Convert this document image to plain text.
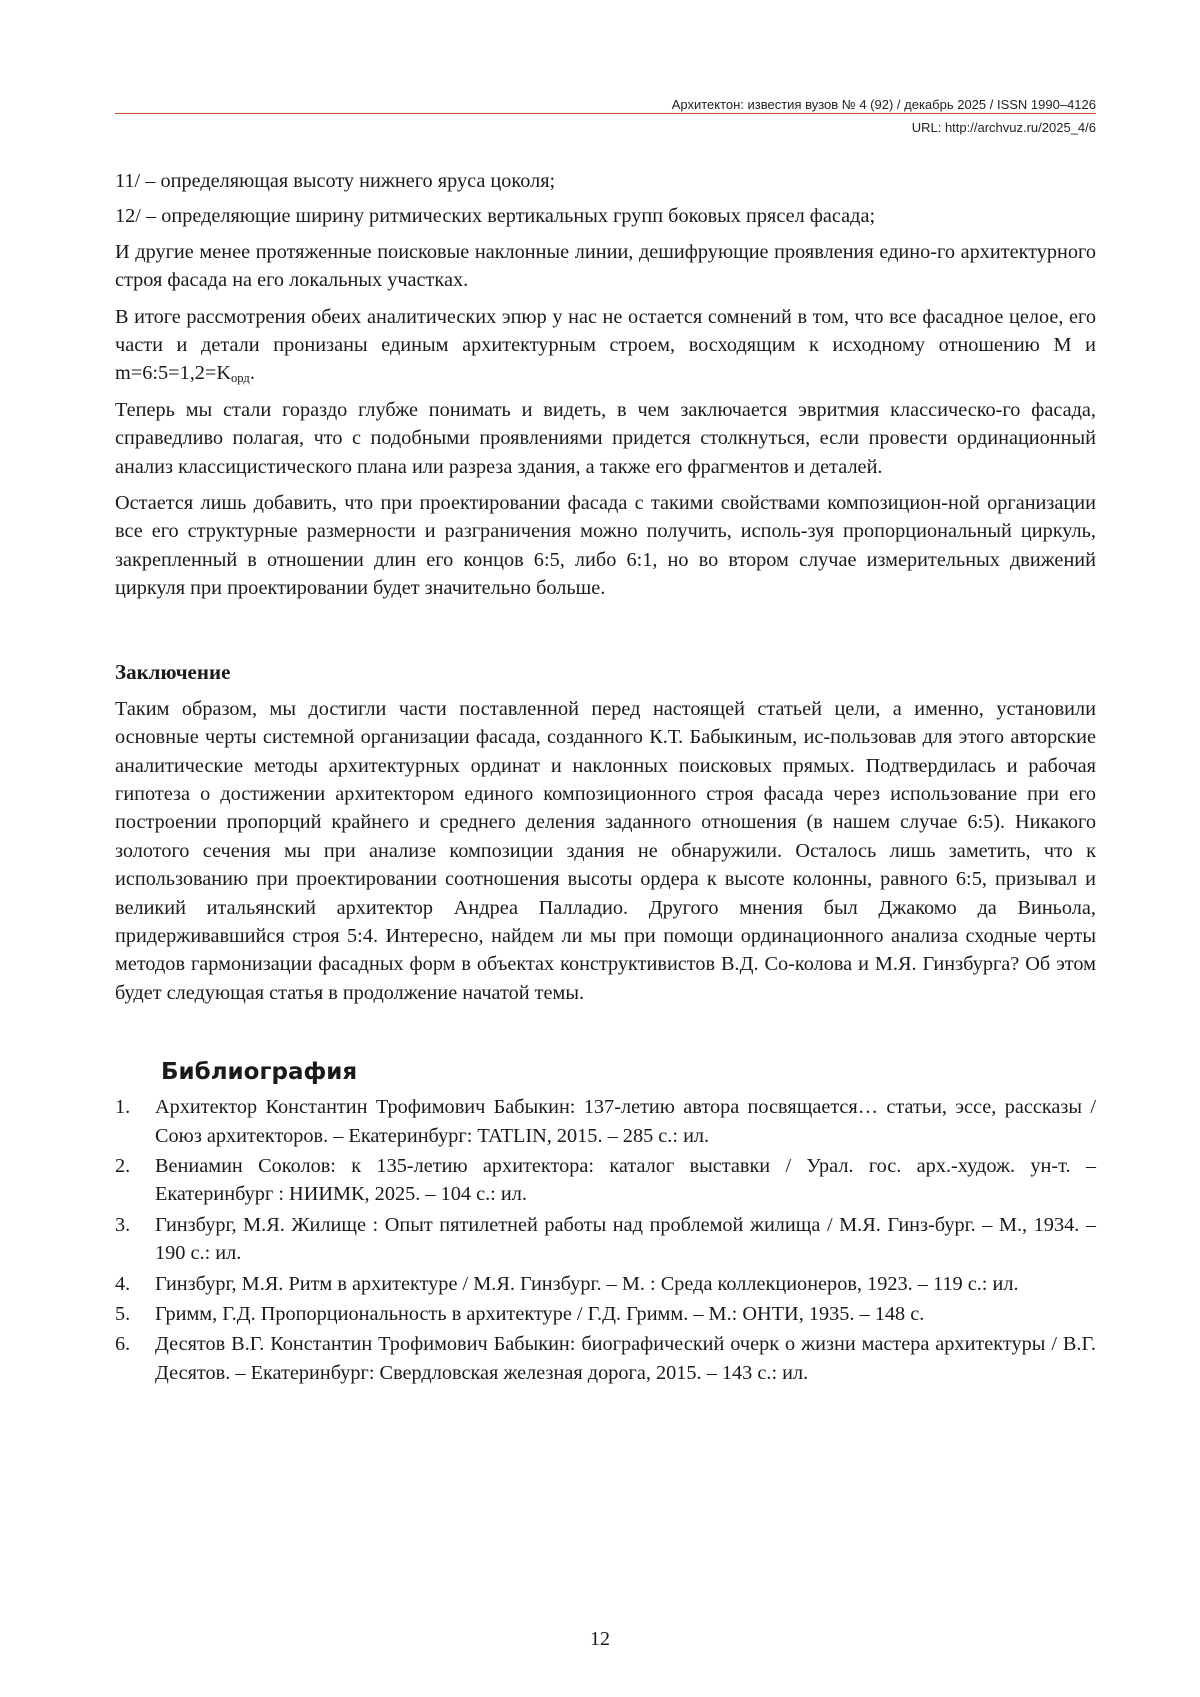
Архитектон: известия вузов № 4 (92) / декабрь 2025 / ISSN 1990–4126
URL: http://archvuz.ru/2025_4/6

11/ – определяющая высоту нижнего яруса цоколя;

12/ – определяющие ширину ритмических вертикальных групп боковых прясел фасада;

И другие менее протяженные поисковые наклонные линии, дешифрующие проявления едино-го архитектурного строя фасада на его локальных участках.

В итоге рассмотрения обеих аналитических эпюр у нас не остается сомнений в том, что все фасадное целое, его части и детали пронизаны единым архитектурным строем, восходящим к исходному отношению М и $m=6:5=1,2=K_{орд}$.

Теперь мы стали гораздо глубже понимать и видеть, в чем заключается эвритмия классическо-го фасада, справедливо полагая, что с подобными проявлениями придется столкнуться, если провести ординационный анализ классицистического плана или разреза здания, а также его фрагментов и деталей.

Остается лишь добавить, что при проектировании фасада с такими свойствами композицион-ной организации все его структурные размерности и разграничения можно получить, исполь-зуя пропорциональный циркуль, закрепленный в отношении длин его концов 6:5, либо 6:1, но во втором случае измерительных движений циркуля при проектировании будет значительно больше.

Заключение

Таким образом, мы достигли части поставленной перед настоящей статьей цели, а именно, установили основные черты системной организации фасада, созданного К.Т. Бабыкиным, ис-пользовав для этого авторские аналитические методы архитектурных ординат и наклонных поисковых прямых. Подтвердилась и рабочая гипотеза о достижении архитектором единого композиционного строя фасада через использование при его построении пропорций крайнего и среднего деления заданного отношения (в нашем случае 6:5). Никакого золотого сечения мы при анализе композиции здания не обнаружили. Осталось лишь заметить, что к использованию при проектировании соотношения высоты ордера к высоте колонны, равного 6:5, призывал и великий итальянский архитектор Андреа Палладио. Другого мнения был Джакомо да Виньола, придерживавшийся строя 5:4. Интересно, найдем ли мы при помощи ординационного анализа сходные черты методов гармонизации фасадных форм в объектах конструктивистов В.Д. Со-колова и М.Я. Гинзбурга? Об этом будет следующая статья в продолжение начатой темы.

Библиография
1.	Архитектор Константин Трофимович Бабыкин: 137-летию автора посвящается… статьи, эссе, рассказы / Союз архитекторов. – Екатеринбург: TATLIN, 2015. – 285 с.: ил.
2.	Вениамин Соколов: к 135-летию архитектора: каталог выставки / Урал. гос. арх.-худож. ун-т. – Екатеринбург : НИИМК, 2025. – 104 с.: ил.
3.	Гинзбург, М.Я. Жилище : Опыт пятилетней работы над проблемой жилища / М.Я. Гинз-бург. – М., 1934. –190 с.: ил.
4.	Гинзбург, М.Я. Ритм в архитектуре / М.Я. Гинзбург. – М. : Среда коллекционеров, 1923. – 119 с.: ил.
5.	Гримм, Г.Д. Пропорциональность в архитектуре / Г.Д. Гримм. – М.: ОНТИ, 1935. – 148 с.
6.	Десятов В.Г. Константин Трофимович Бабыкин: биографический очерк о жизни мастера архитектуры / В.Г. Десятов. – Екатеринбург: Свердловская железная дорога, 2015. – 143 с.: ил.
12
